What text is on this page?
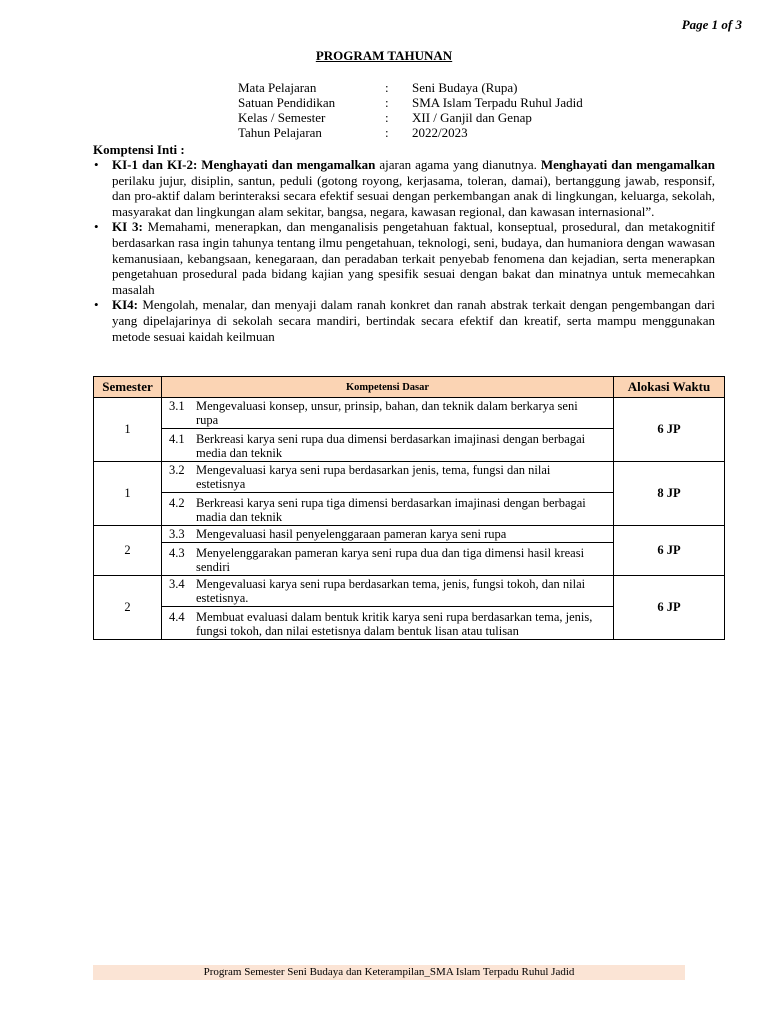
Page 1 of 3
PROGRAM TAHUNAN
Mata Pelajaran	:	Seni Budaya (Rupa)
Satuan Pendidikan	:	SMA Islam Terpadu Ruhul Jadid
Kelas / Semester	:	XII / Ganjil dan Genap
Tahun Pelajaran	:	2022/2023
Komptensi Inti :
•	KI-1 dan KI-2: Menghayati dan mengamalkan ajaran agama yang dianutnya. Menghayati dan mengamalkan perilaku jujur, disiplin, santun, peduli (gotong royong, kerjasama, toleran, damai), bertanggung jawab, responsif, dan pro-aktif dalam berinteraksi secara efektif sesuai dengan perkembangan anak di lingkungan, keluarga, sekolah, masyarakat dan lingkungan alam sekitar, bangsa, negara, kawasan regional, dan kawasan internasional”.
•	KI 3: Memahami, menerapkan, dan menganalisis pengetahuan faktual, konseptual, prosedural, dan metakognitif berdasarkan rasa ingin tahunya tentang ilmu pengetahuan, teknologi, seni, budaya, dan humaniora dengan wawasan kemanusiaan, kebangsaan, kenegaraan, dan peradaban terkait penyebab fenomena dan kejadian, serta menerapkan pengetahuan prosedural pada bidang kajian yang spesifik sesuai dengan bakat dan minatnya untuk memecahkan masalah
•	KI4: Mengolah, menalar, dan menyaji dalam ranah konkret dan ranah abstrak terkait dengan pengembangan dari yang dipelajarinya di sekolah secara mandiri, bertindak secara efektif dan kreatif, serta mampu menggunakan metode sesuai kaidah keilmuan
Semester	Kompetensi Dasar	Alokasi Waktu
1	3.1 Mengevaluasi konsep, unsur, prinsip, bahan, dan teknik dalam berkarya seni rupa
4.1 Berkreasi karya seni rupa dua dimensi berdasarkan imajinasi dengan berbagai media dan teknik	6 JP
1	3.2 Mengevaluasi karya seni rupa berdasarkan jenis, tema, fungsi dan nilai estetisnya
4.2 Berkreasi karya seni rupa tiga dimensi berdasarkan imajinasi dengan berbagai madia dan teknik	8 JP
2	3.3 Mengevaluasi hasil penyelenggaraan pameran karya seni rupa
4.3 Menyelenggarakan pameran karya seni rupa dua dan tiga dimensi hasil kreasi sendiri	6 JP
2	3.4 Mengevaluasi karya seni rupa berdasarkan tema, jenis, fungsi tokoh, dan nilai estetisnya.
4.4 Membuat evaluasi dalam bentuk kritik karya seni rupa berdasarkan tema, jenis, fungsi tokoh, dan nilai estetisnya dalam bentuk lisan atau tulisan	6 JP
Program Semester Seni Budaya dan Keterampilan_SMA Islam Terpadu Ruhul Jadid
